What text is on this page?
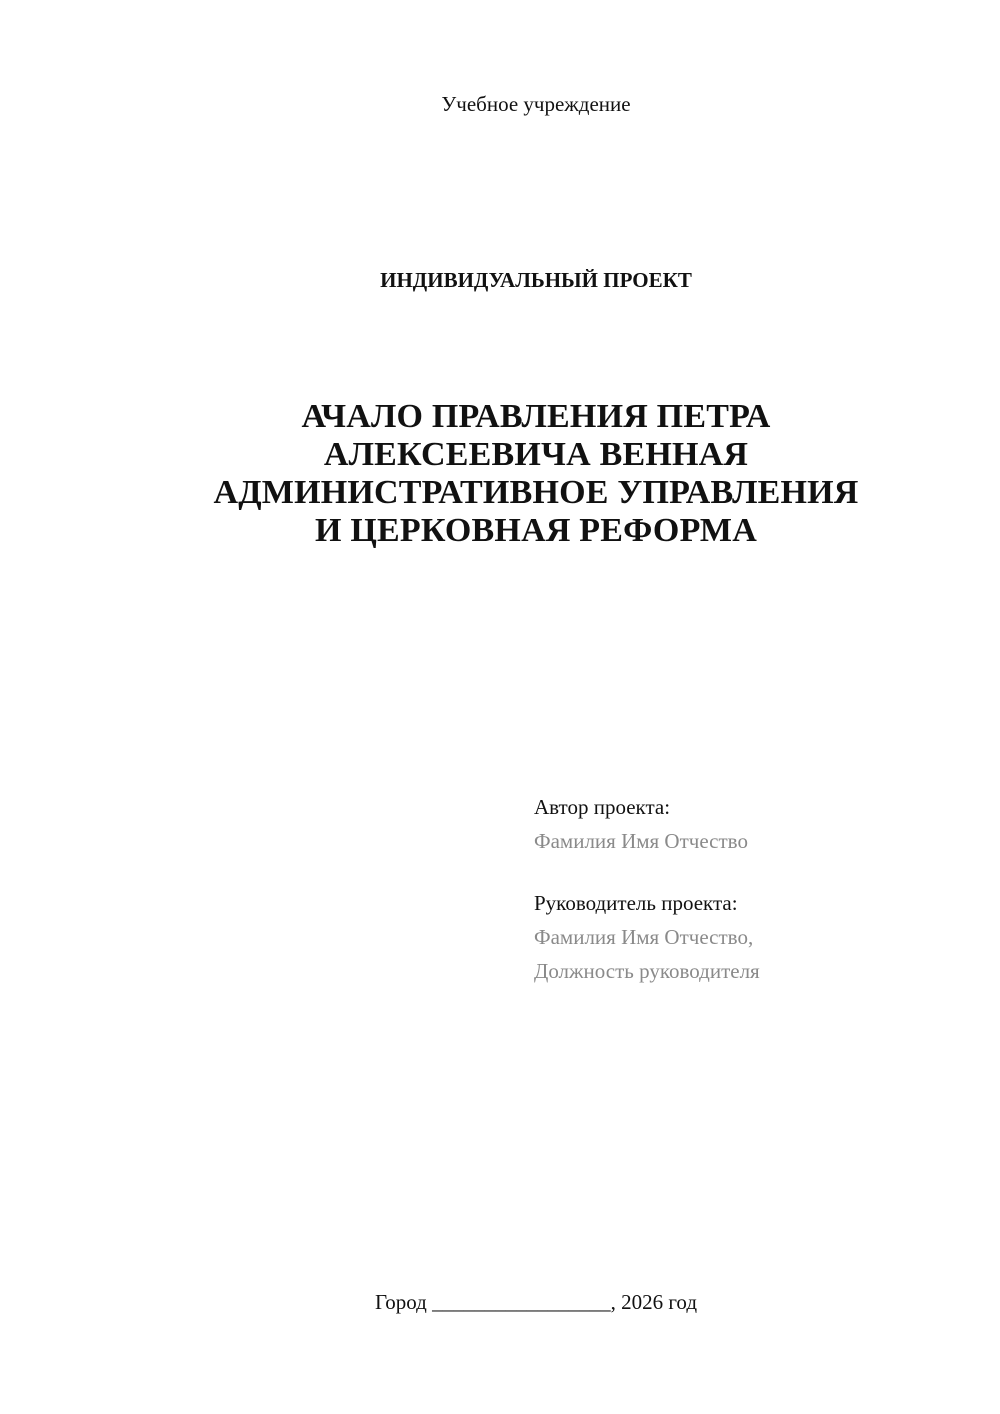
Учебное учреждение
ИНДИВИДУАЛЬНЫЙ ПРОЕКТ
АЧАЛО ПРАВЛЕНИЯ ПЕТРА
АЛЕКСЕЕВИЧА ВЕННАЯ
АДМИНИСТРАТИВНОЕ УПРАВЛЕНИЯ
И ЦЕРКОВНАЯ РЕФОРМА
Автор проекта:
Фамилия Имя Отчество
Руководитель проекта:
Фамилия Имя Отчество,
Должность руководителя
Город _________________, 2026 год
